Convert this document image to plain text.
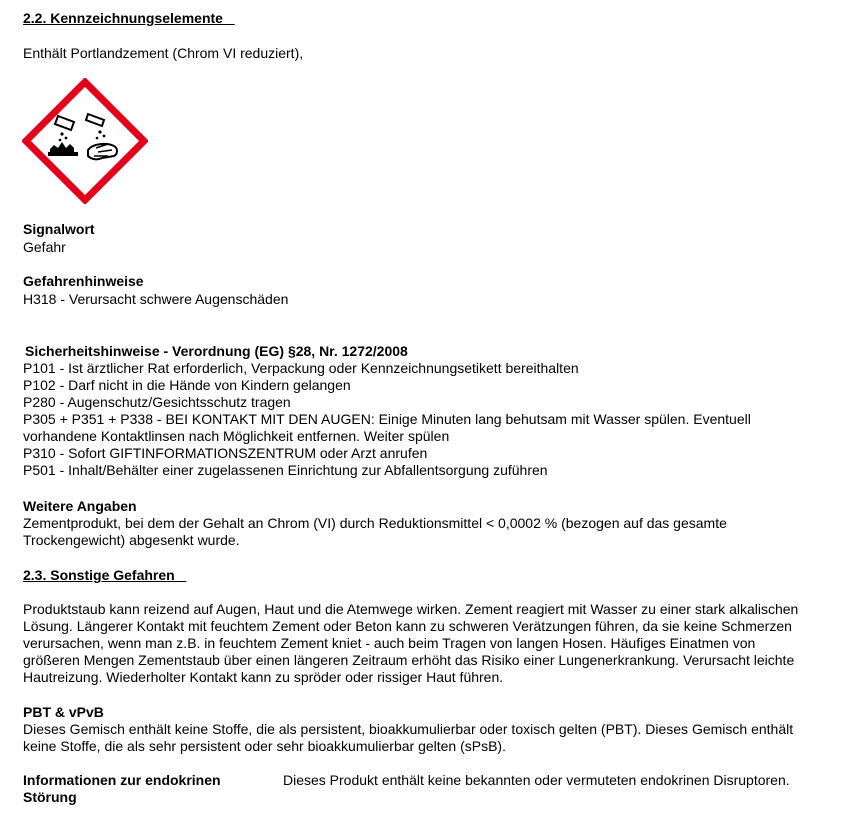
2.2. Kennzeichnungselemente
Enthält Portlandzement (Chrom VI reduziert),
Signalwort
Gefahr
Gefahrenhinweise
H318 - Verursacht schwere Augenschäden
Sicherheitshinweise - Verordnung (EG) §28, Nr. 1272/2008
P101 - Ist ärztlicher Rat erforderlich, Verpackung oder Kennzeichnungsetikett bereithalten
P102 - Darf nicht in die Hände von Kindern gelangen
P280 - Augenschutz/Gesichtsschutz tragen
P305 + P351 + P338 - BEI KONTAKT MIT DEN AUGEN: Einige Minuten lang behutsam mit Wasser spülen. Eventuell
vorhandene Kontaktlinsen nach Möglichkeit entfernen. Weiter spülen
P310 - Sofort GIFTINFORMATIONSZENTRUM oder Arzt anrufen
P501 - Inhalt/Behälter einer zugelassenen Einrichtung zur Abfallentsorgung zuführen
Weitere Angaben
Zementprodukt, bei dem der Gehalt an Chrom (VI) durch Reduktionsmittel < 0,0002 % (bezogen auf das gesamte
Trockengewicht) abgesenkt wurde.
2.3. Sonstige Gefahren
Produktstaub kann reizend auf Augen, Haut und die Atemwege wirken. Zement reagiert mit Wasser zu einer stark alkalischen
Lösung. Längerer Kontakt mit feuchtem Zement oder Beton kann zu schweren Verätzungen führen, da sie keine Schmerzen
verursachen, wenn man z.B. in feuchtem Zement kniet - auch beim Tragen von langen Hosen. Häufiges Einatmen von
größeren Mengen Zementstaub über einen längeren Zeitraum erhöht das Risiko einer Lungenerkrankung. Verursacht leichte
Hautreizung. Wiederholter Kontakt kann zu spröder oder rissiger Haut führen.
PBT & vPvB
Dieses Gemisch enthält keine Stoffe, die als persistent, bioakkumulierbar oder toxisch gelten (PBT). Dieses Gemisch enthält
keine Stoffe, die als sehr persistent oder sehr bioakkumulierbar gelten (sPsB).
Informationen zur endokrinen
Störung
Dieses Produkt enthält keine bekannten oder vermuteten endokrinen Disruptoren.
